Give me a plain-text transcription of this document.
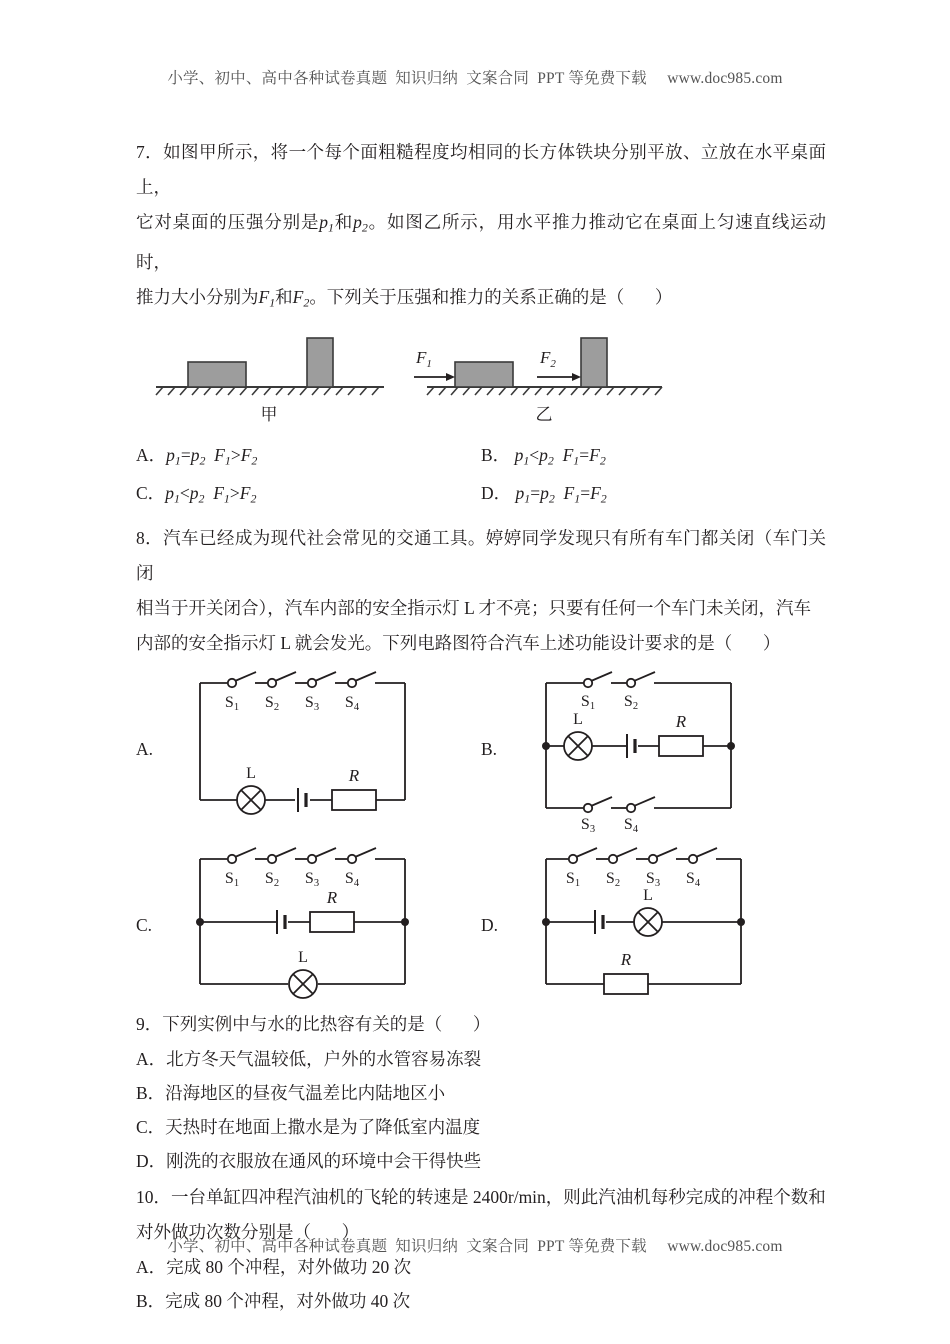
小学、初中、高中各种试卷真题  知识归纳  文案合同  PPT 等免费下载     www.doc985.com
7．如图甲所示，将一个每个面粗糙程度均相同的长方体铁块分别平放、立放在水平桌面上，
它对桌面的压强分别是$p_1$和$p_2$。如图乙所示，用水平推力推动它在桌面上匀速直线运动时，
推力大小分别为$F_1$和$F_2$。下列关于压强和推力的关系正确的是（       ）
甲
$F_1$	$F_2$
乙
A．$p_1=p_2$ $F_1>F_2$	B． $p_1<p_2$ $F_1=F_2$
C．$p_1<p_2$ $F_1>F_2$	D． $p_1=p_2$ $F_1=F_2$
8．汽车已经成为现代社会常见的交通工具。婷婷同学发现只有所有车门都关闭（车门关闭
相当于开关闭合），汽车内部的安全指示灯 L 才不亮；只要有任何一个车门未关闭，汽车
内部的安全指示灯 L 就会发光。下列电路图符合汽车上述功能设计要求的是（       ）
A.
S1 S2 S3 S4
L	R
B.
S1 S2
S3 S4
L	R
C.
S1 S2 S3 S4
R
L
D.
S1 S2 S3 S4
L
R
9．下列实例中与水的比热容有关的是（       ）
A．北方冬天气温较低，户外的水管容易冻裂
B．沿海地区的昼夜气温差比内陆地区小
C．天热时在地面上撒水是为了降低室内温度
D．刚洗的衣服放在通风的环境中会干得快些
10．一台单缸四冲程汽油机的飞轮的转速是 2400r/min，则此汽油机每秒完成的冲程个数和
对外做功次数分别是（       ）
A．完成 80 个冲程，对外做功 20 次
B．完成 80 个冲程，对外做功 40 次
小学、初中、高中各种试卷真题  知识归纳  文案合同  PPT 等免费下载     www.doc985.com
